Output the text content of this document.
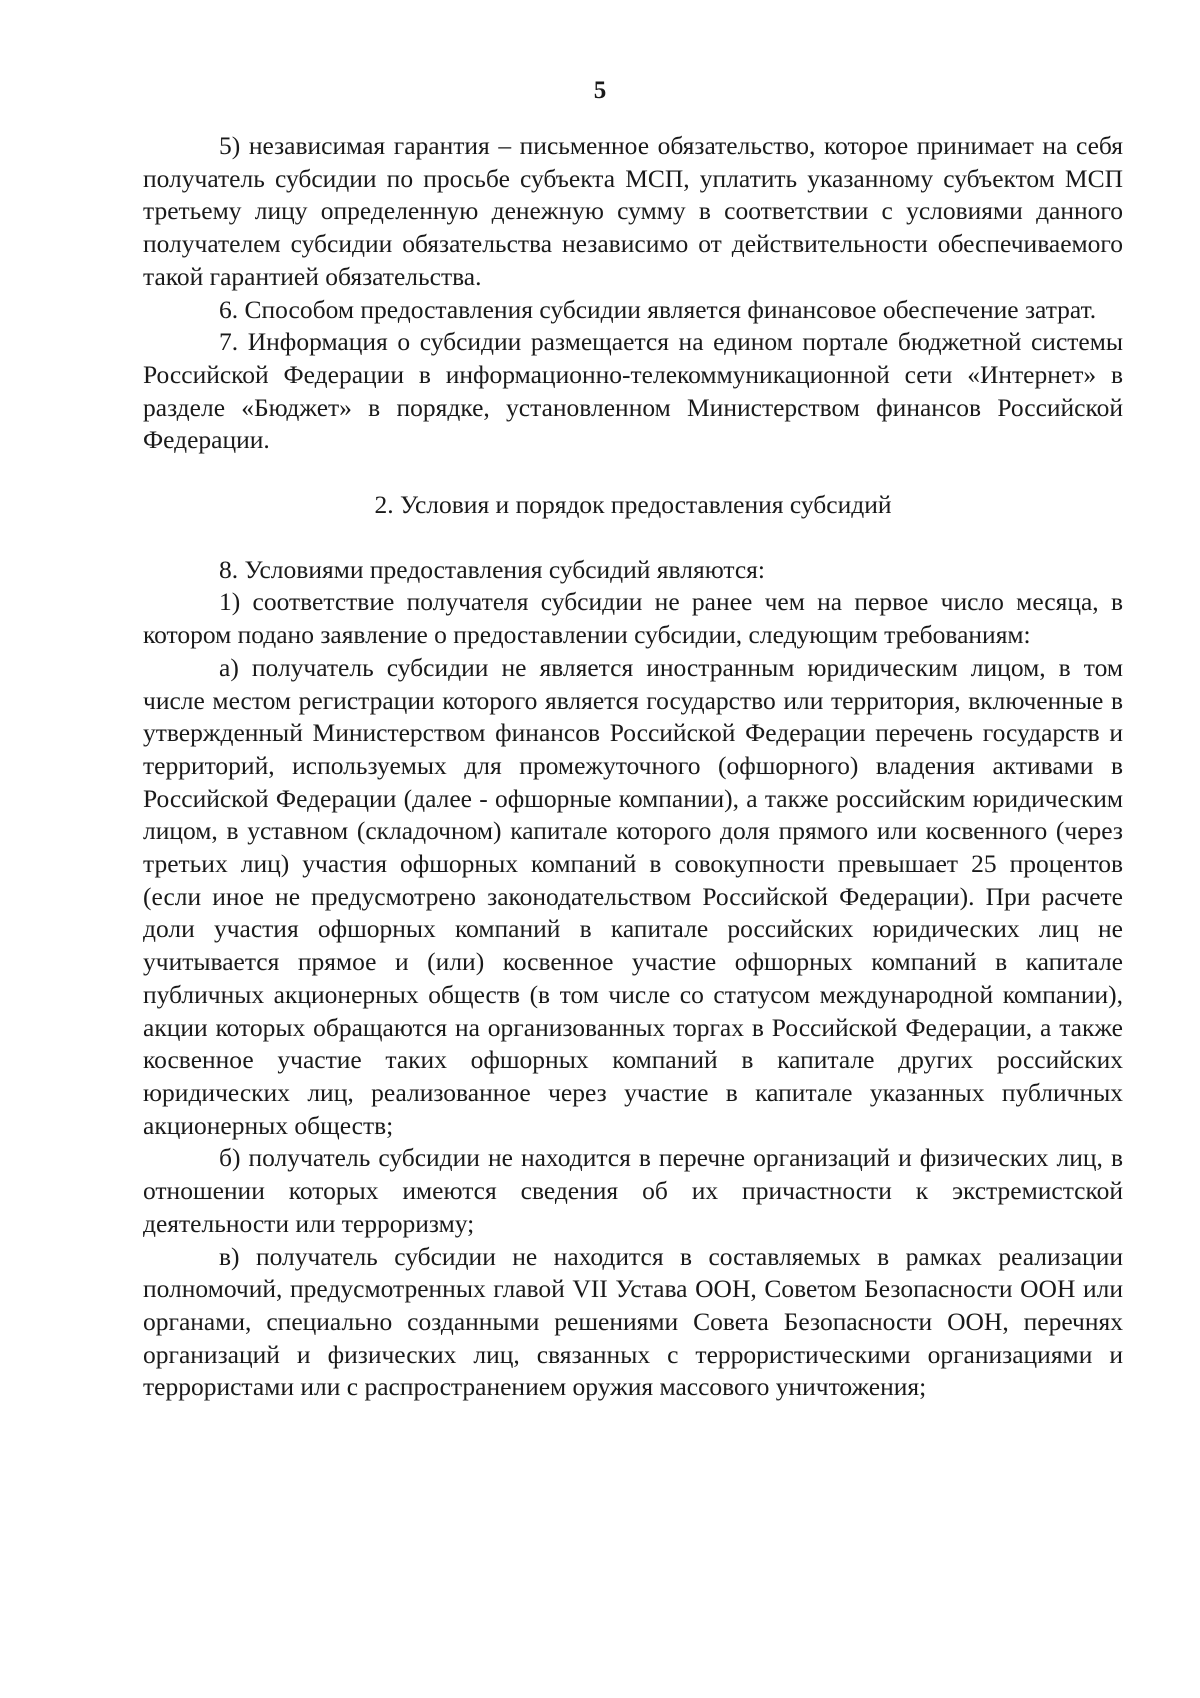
5

5) независимая гарантия – письменное обязательство, которое принимает на себя получатель субсидии по просьбе субъекта МСП, уплатить указанному субъектом МСП третьему лицу определенную денежную сумму в соответствии с условиями данного получателем субсидии обязательства независимо от действительности обеспечиваемого такой гарантией обязательства.

6. Способом предоставления субсидии является финансовое обеспечение затрат.

7. Информация о субсидии размещается на едином портале бюджетной системы Российской Федерации в информационно-телекоммуникационной сети «Интернет» в разделе «Бюджет» в порядке, установленном Министерством финансов Российской Федерации.

2. Условия и порядок предоставления субсидий

8. Условиями предоставления субсидий являются:

1) соответствие получателя субсидии не ранее чем на первое число месяца, в котором подано заявление о предоставлении субсидии, следующим требованиям:

а) получатель субсидии не является иностранным юридическим лицом, в том числе местом регистрации которого является государство или территория, включенные в утвержденный Министерством финансов Российской Федерации перечень государств и территорий, используемых для промежуточного (офшорного) владения активами в Российской Федерации (далее - офшорные компании), а также российским юридическим лицом, в уставном (складочном) капитале которого доля прямого или косвенного (через третьих лиц) участия офшорных компаний в совокупности превышает 25 процентов (если иное не предусмотрено законодательством Российской Федерации). При расчете доли участия офшорных компаний в капитале российских юридических лиц не учитывается прямое и (или) косвенное участие офшорных компаний в капитале публичных акционерных обществ (в том числе со статусом международной компании), акции которых обращаются на организованных торгах в Российской Федерации, а также косвенное участие таких офшорных компаний в капитале других российских юридических лиц, реализованное через участие в капитале указанных публичных акционерных обществ;

б) получатель субсидии не находится в перечне организаций и физических лиц, в отношении которых имеются сведения об их причастности к экстремистской деятельности или терроризму;

в) получатель субсидии не находится в составляемых в рамках реализации полномочий, предусмотренных главой VII Устава ООН, Советом Безопасности ООН или органами, специально созданными решениями Совета Безопасности ООН, перечнях организаций и физических лиц, связанных с террористическими организациями и террористами или с распространением оружия массового уничтожения;
